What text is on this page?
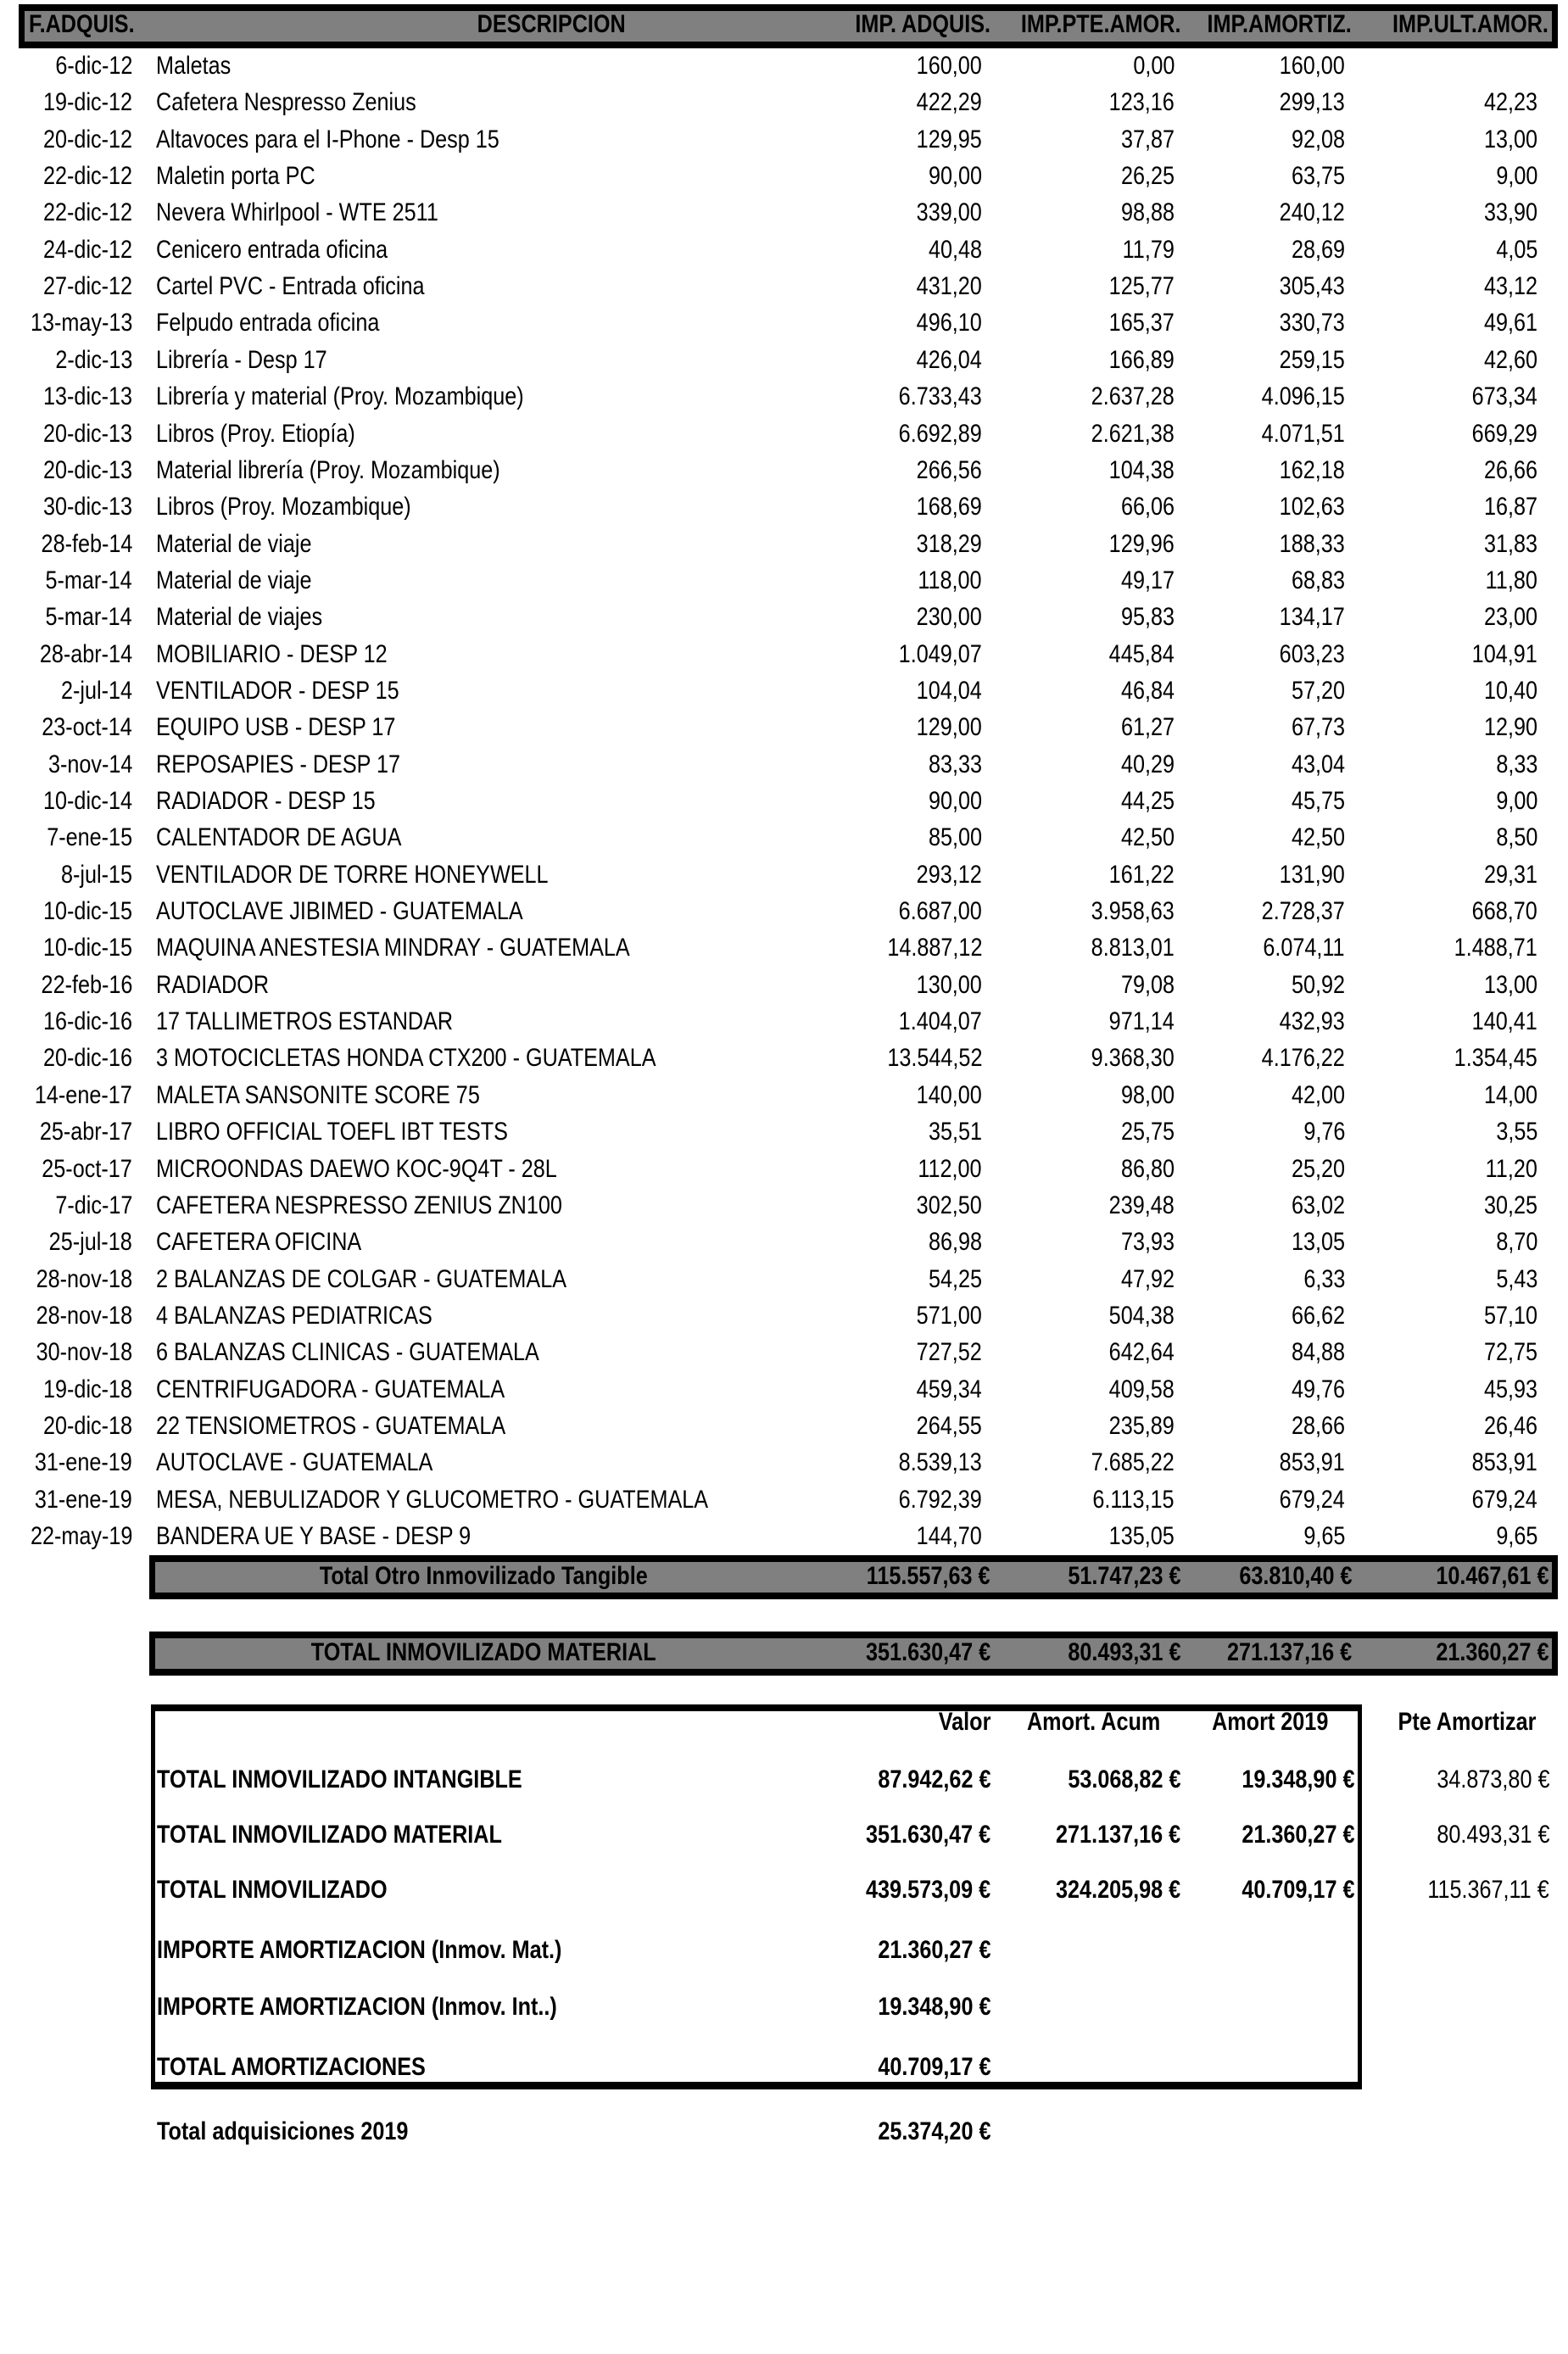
F.ADQUIS.	DESCRIPCION	IMP. ADQUIS.	IMP.PTE.AMOR.	IMP.AMORTIZ.	IMP.ULT.AMOR.
6-dic-12 Maletas	160,00	0,00	160,00
19-dic-12 Cafetera Nespresso Zenius	422,29	123,16	299,13	42,23
20-dic-12 Altavoces para el I-Phone - Desp 15	129,95	37,87	92,08	13,00
22-dic-12 Maletin porta PC	90,00	26,25	63,75	9,00
22-dic-12 Nevera Whirlpool - WTE 2511	339,00	98,88	240,12	33,90
24-dic-12 Cenicero entrada oficina	40,48	11,79	28,69	4,05
27-dic-12 Cartel PVC - Entrada oficina	431,20	125,77	305,43	43,12
13-may-13 Felpudo entrada oficina	496,10	165,37	330,73	49,61
2-dic-13 Librería - Desp 17	426,04	166,89	259,15	42,60
13-dic-13 Librería y material (Proy. Mozambique)	6.733,43	2.637,28	4.096,15	673,34
20-dic-13 Libros (Proy. Etiopía)	6.692,89	2.621,38	4.071,51	669,29
20-dic-13 Material librería (Proy. Mozambique)	266,56	104,38	162,18	26,66
30-dic-13 Libros (Proy. Mozambique)	168,69	66,06	102,63	16,87
28-feb-14 Material de viaje	318,29	129,96	188,33	31,83
5-mar-14 Material de viaje	118,00	49,17	68,83	11,80
5-mar-14 Material de viajes	230,00	95,83	134,17	23,00
28-abr-14 MOBILIARIO - DESP 12	1.049,07	445,84	603,23	104,91
2-jul-14 VENTILADOR - DESP 15	104,04	46,84	57,20	10,40
23-oct-14 EQUIPO USB - DESP 17	129,00	61,27	67,73	12,90
3-nov-14 REPOSAPIES - DESP 17	83,33	40,29	43,04	8,33
10-dic-14 RADIADOR - DESP 15	90,00	44,25	45,75	9,00
7-ene-15 CALENTADOR DE AGUA	85,00	42,50	42,50	8,50
8-jul-15 VENTILADOR DE TORRE HONEYWELL	293,12	161,22	131,90	29,31
10-dic-15 AUTOCLAVE JIBIMED - GUATEMALA	6.687,00	3.958,63	2.728,37	668,70
10-dic-15 MAQUINA ANESTESIA MINDRAY - GUATEMALA	14.887,12	8.813,01	6.074,11	1.488,71
22-feb-16 RADIADOR	130,00	79,08	50,92	13,00
16-dic-16 17 TALLIMETROS ESTANDAR	1.404,07	971,14	432,93	140,41
20-dic-16 3 MOTOCICLETAS HONDA CTX200 - GUATEMALA	13.544,52	9.368,30	4.176,22	1.354,45
14-ene-17 MALETA SANSONITE SCORE 75	140,00	98,00	42,00	14,00
25-abr-17 LIBRO OFFICIAL TOEFL IBT TESTS	35,51	25,75	9,76	3,55
25-oct-17 MICROONDAS DAEWO KOC-9Q4T - 28L	112,00	86,80	25,20	11,20
7-dic-17 CAFETERA NESPRESSO ZENIUS ZN100	302,50	239,48	63,02	30,25
25-jul-18 CAFETERA OFICINA	86,98	73,93	13,05	8,70
28-nov-18 2 BALANZAS DE COLGAR - GUATEMALA	54,25	47,92	6,33	5,43
28-nov-18 4 BALANZAS PEDIATRICAS	571,00	504,38	66,62	57,10
30-nov-18 6 BALANZAS CLINICAS - GUATEMALA	727,52	642,64	84,88	72,75
19-dic-18 CENTRIFUGADORA - GUATEMALA	459,34	409,58	49,76	45,93
20-dic-18 22 TENSIOMETROS - GUATEMALA	264,55	235,89	28,66	26,46
31-ene-19 AUTOCLAVE - GUATEMALA	8.539,13	7.685,22	853,91	853,91
31-ene-19 MESA, NEBULIZADOR Y GLUCOMETRO - GUATEMALA	6.792,39	6.113,15	679,24	679,24
22-may-19 BANDERA UE Y BASE - DESP 9	144,70	135,05	9,65	9,65
Total Otro Inmovilizado Tangible	115.557,63 €	51.747,23 €	63.810,40 €	10.467,61 €
TOTAL INMOVILIZADO MATERIAL	351.630,47 €	80.493,31 €	271.137,16 €	21.360,27 €
Valor	Amort. Acum	Amort 2019	Pte Amortizar
TOTAL INMOVILIZADO INTANGIBLE	87.942,62 €	53.068,82 €	19.348,90 €	34.873,80 €
TOTAL INMOVILIZADO MATERIAL	351.630,47 €	271.137,16 €	21.360,27 €	80.493,31 €
TOTAL INMOVILIZADO	439.573,09 €	324.205,98 €	40.709,17 €	115.367,11 €
IMPORTE AMORTIZACION (Inmov. Mat.)	21.360,27 €
IMPORTE AMORTIZACION (Inmov. Int..)	19.348,90 €
TOTAL AMORTIZACIONES	40.709,17 €
Total adquisiciones 2019	25.374,20 €
